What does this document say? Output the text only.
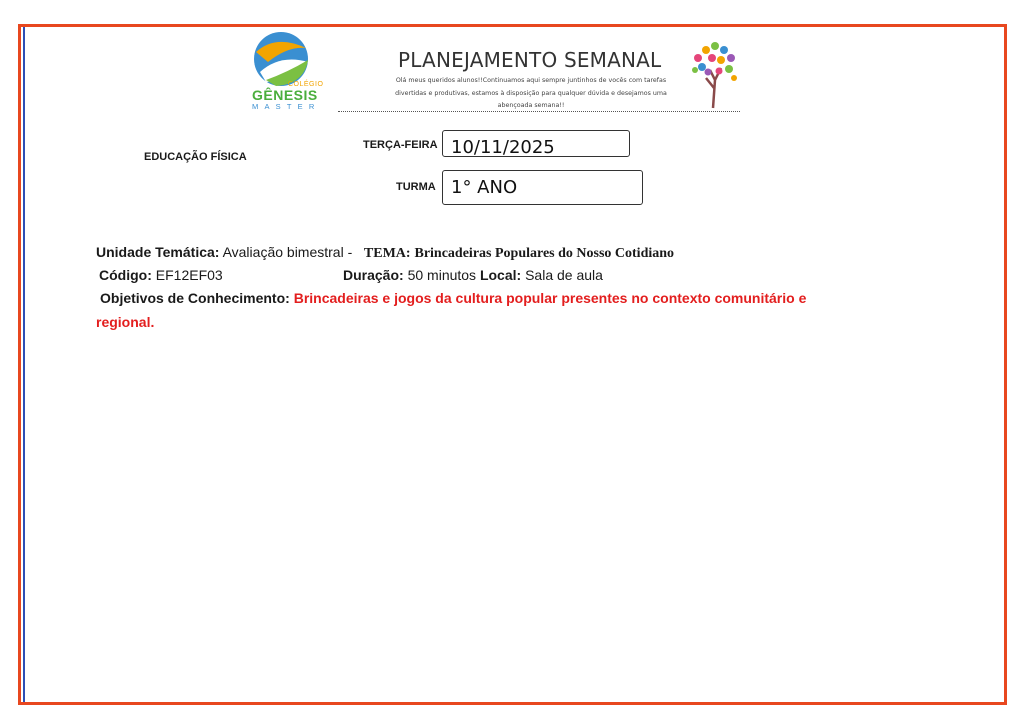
COLÉGIO
GÊNESIS
MASTER
PLANEJAMENTO SEMANAL
Olá meus queridos alunos!!Continuamos aqui sempre juntinhos de vocês com tarefas
divertidas e produtivas, estamos à disposição para qualquer dúvida e desejamos uma
abençoada semana!!
EDUCAÇÃO FÍSICA
TERÇA-FEIRA 10/11/2025
TURMA 1° ANO
Unidade Temática: Avaliação bimestral - TEMA: Brincadeiras Populares do Nosso Cotidiano
Código: EF12EF03	Duração: 50 minutos Local: Sala de aula
Objetivos de Conhecimento: Brincadeiras e jogos da cultura popular presentes no contexto comunitário e
regional.
